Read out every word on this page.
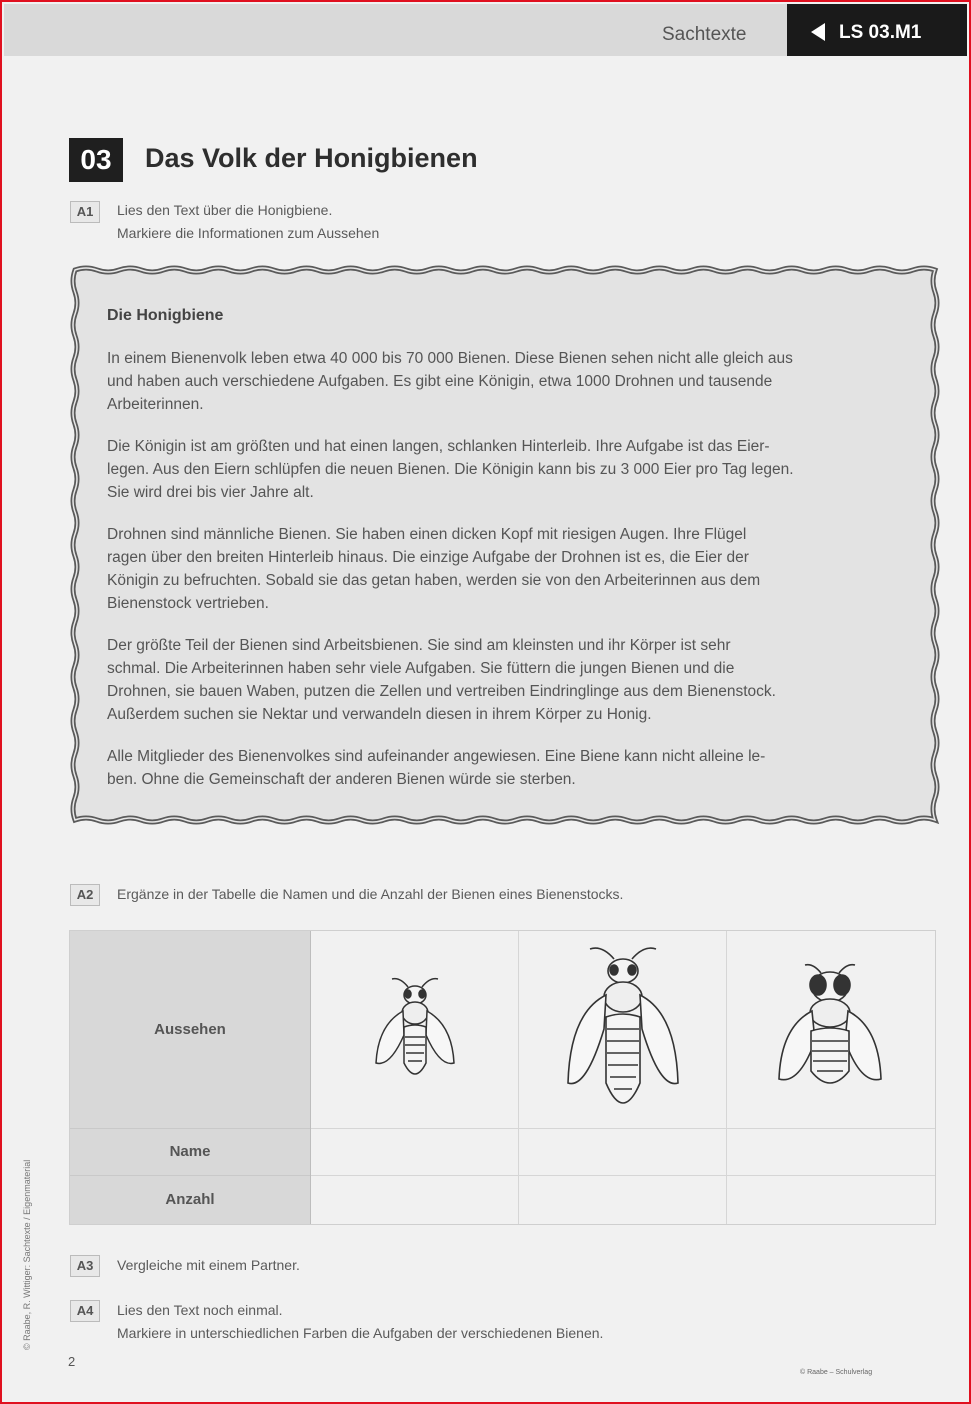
Sachtexte	LS 03.M1
03	Das Volk der Honigbienen
A1	Lies den Text über die Honigbiene.
Markiere die Informationen zum Aussehen
Die Honigbiene

In einem Bienenvolk leben etwa 40 000 bis 70 000 Bienen. Diese Bienen sehen nicht alle gleich aus
und haben auch verschiedene Aufgaben. Es gibt eine Königin, etwa 1000 Drohnen und tausende
Arbeiterinnen.

Die Königin ist am größten und hat einen langen, schlanken Hinterleib. Ihre Aufgabe ist das Eier-
legen. Aus den Eiern schlüpfen die neuen Bienen. Die Königin kann bis zu 3 000 Eier pro Tag legen.
Sie wird drei bis vier Jahre alt.

Drohnen sind männliche Bienen. Sie haben einen dicken Kopf mit riesigen Augen. Ihre Flügel
ragen über den breiten Hinterleib hinaus. Die einzige Aufgabe der Drohnen ist es, die Eier der
Königin zu befruchten. Sobald sie das getan haben, werden sie von den Arbeiterinnen aus dem
Bienenstock vertrieben.

Der größte Teil der Bienen sind Arbeitsbienen. Sie sind am kleinsten und ihr Körper ist sehr
schmal. Die Arbeiterinnen haben sehr viele Aufgaben. Sie füttern die jungen Bienen und die
Drohnen, sie bauen Waben, putzen die Zellen und vertreiben Eindringlinge aus dem Bienenstock.
Außerdem suchen sie Nektar und verwandeln diesen in ihrem Körper zu Honig.

Alle Mitglieder des Bienenvolkes sind aufeinander angewiesen. Eine Biene kann nicht alleine le-
ben. Ohne die Gemeinschaft der anderen Bienen würde sie sterben.

A2	Ergänze in der Tabelle die Namen und die Anzahl der Bienen eines Bienenstocks.
Aussehen
Name
Anzahl
A3	Vergleiche mit einem Partner.
A4	Lies den Text noch einmal.
Markiere in unterschiedlichen Farben die Aufgaben der verschiedenen Bienen.
© Raabe, R. Wittiger: Sachtexte / Eigenmaterial
2
© Raabe – Schulverlag
